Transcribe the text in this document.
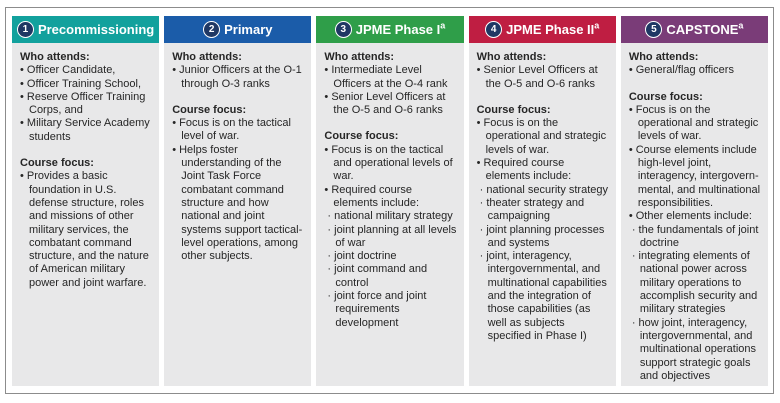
1 Precommissioning
Who attends:
• Officer Candidate,
• Officer Training School,
• Reserve Officer Training Corps, and
• Military Service Academy students
Course focus:
• Provides a basic foundation in U.S. defense structure, roles and missions of other military services, the combatant command structure, and the nature of American military power and joint warfare.
2 Primary
Who attends:
• Junior Officers at the O-1 through O-3 ranks
Course focus:
• Focus is on the tactical level of war.
• Helps foster understanding of the Joint Task Force combatant command structure and how national and joint systems support tactical-level operations, among other subjects.
3 JPME Phase $I^a$
Who attends:
• Intermediate Level Officers at the O-4 rank
• Senior Level Officers at the O-5 and O-6 ranks
Course focus:
• Focus is on the tactical and operational levels of war.
• Required course elements include:
· national military strategy
· joint planning at all levels of war
· joint doctrine
· joint command and control
· joint force and joint requirements development
4 JPME Phase $II^a$
Who attends:
• Senior Level Officers at the O-5 and O-6 ranks
Course focus:
• Focus is on the operational and strategic levels of war.
• Required course elements include:
· national security strategy
· theater strategy and campaigning
· joint planning processes and systems
· joint, interagency, intergovernmental, and multinational capabilities and the integration of those capabilities (as well as subjects specified in Phase I)
5 CAPSTONE$^a$
Who attends:
• General/flag officers
Course focus:
• Focus is on the operational and strategic levels of war.
• Course elements include high-level joint, interagency, intergovernmental, and multinational responsibilities.
• Other elements include:
· the fundamentals of joint doctrine
· integrating elements of national power across military operations to accomplish security and military strategies
· how joint, interagency, intergovernmental, and multinational operations support strategic goals and objectives
